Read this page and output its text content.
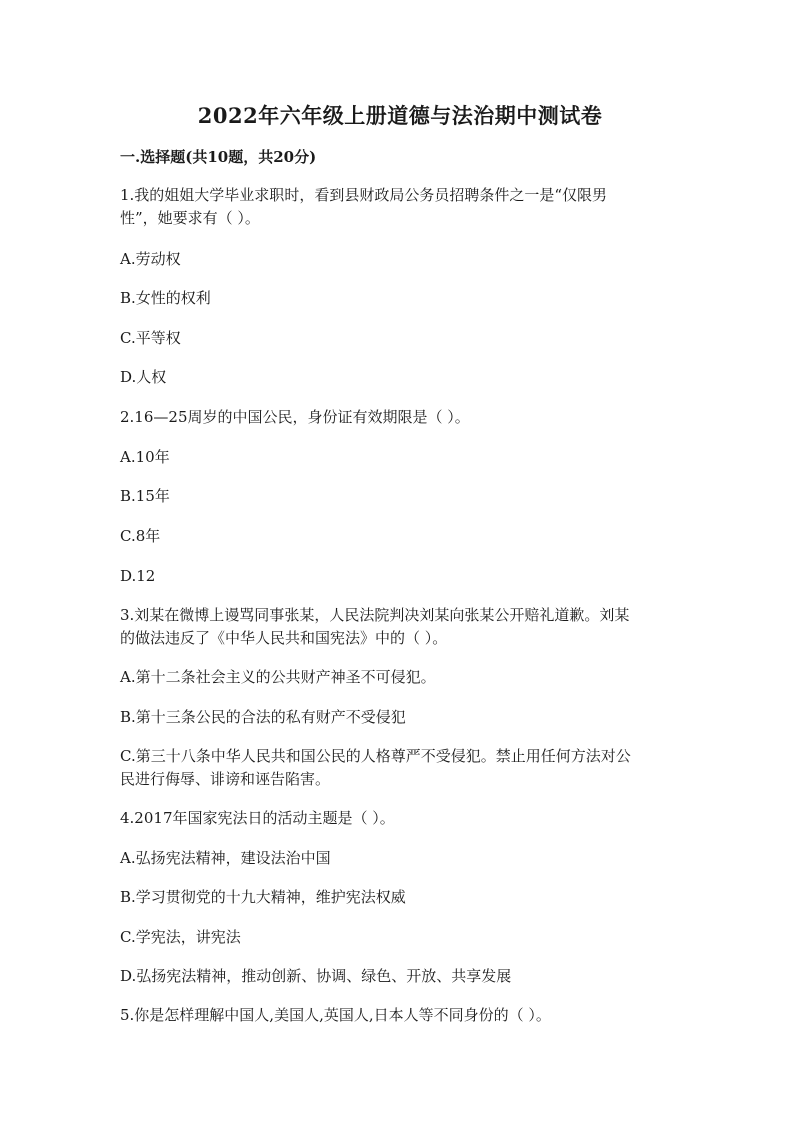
2022年六年级上册道德与法治期中测试卷
一.选择题(共10题，共20分)
1.我的姐姐大学毕业求职时，看到县财政局公务员招聘条件之一是“仅限男
性”，她要求有（ ）。
A.劳动权
B.女性的权利
C.平等权
D.人权
2.16—25周岁的中国公民，身份证有效期限是（ ）。
A.10年
B.15年
C.8年
D.12
3.刘某在微博上谩骂同事张某，人民法院判决刘某向张某公开赔礼道歉。刘某
的做法违反了《中华人民共和国宪法》中的（ ）。
A.第十二条社会主义的公共财产神圣不可侵犯。
B.第十三条公民的合法的私有财产不受侵犯
C.第三十八条中华人民共和国公民的人格尊严不受侵犯。禁止用任何方法对公
民进行侮辱、诽谤和诬告陷害。
4.2017年国家宪法日的活动主题是（ ）。
A.弘扬宪法精神，建设法治中国
B.学习贯彻党的十九大精神，维护宪法权威
C.学宪法，讲宪法
D.弘扬宪法精神，推动创新、协调、绿色、开放、共享发展
5.你是怎样理解中国人,美国人,英国人,日本人等不同身份的（ ）。
